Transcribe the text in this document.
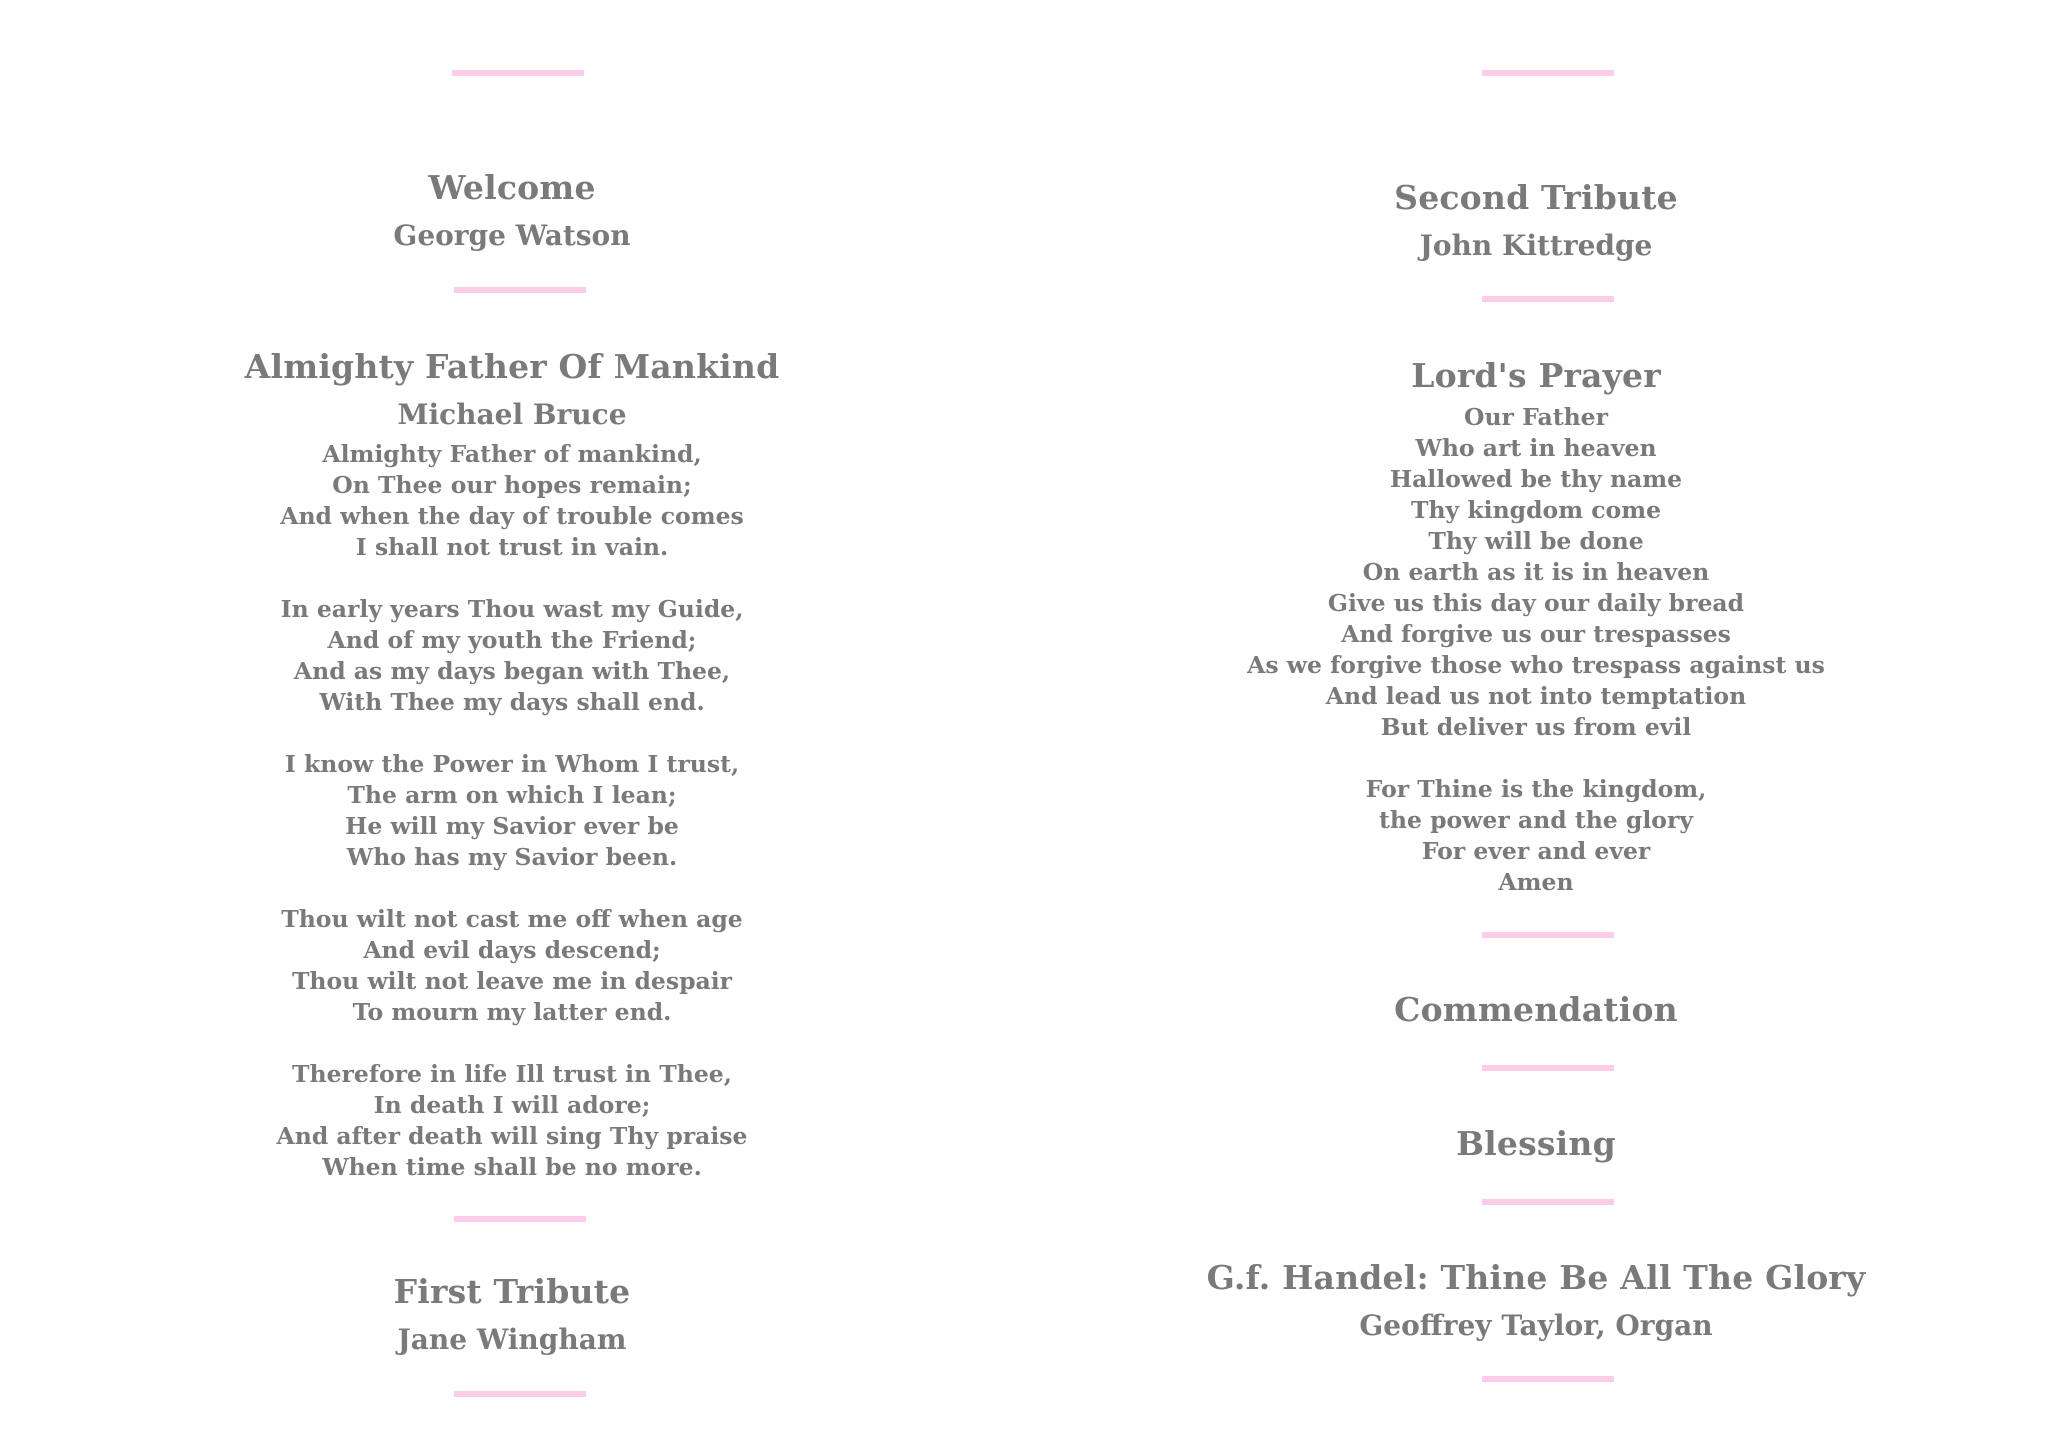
Welcome
George Watson
Almighty Father Of Mankind
Michael Bruce
Almighty Father of mankind,
On Thee our hopes remain;
And when the day of trouble comes
I shall not trust in vain.
In early years Thou wast my Guide,
And of my youth the Friend;
And as my days began with Thee,
With Thee my days shall end.
I know the Power in Whom I trust,
The arm on which I lean;
He will my Savior ever be
Who has my Savior been.
Thou wilt not cast me off when age
And evil days descend;
Thou wilt not leave me in despair
To mourn my latter end.
Therefore in life Ill trust in Thee,
In death I will adore;
And after death will sing Thy praise
When time shall be no more.
First Tribute
Jane Wingham
Second Tribute
John Kittredge
Lord's Prayer
Our Father
Who art in heaven
Hallowed be thy name
Thy kingdom come
Thy will be done
On earth as it is in heaven
Give us this day our daily bread
And forgive us our trespasses
As we forgive those who trespass against us
And lead us not into temptation
But deliver us from evil
For Thine is the kingdom,
the power and the glory
For ever and ever
Amen
Commendation
Blessing
G.f. Handel: Thine Be All The Glory
Geoffrey Taylor, Organ
